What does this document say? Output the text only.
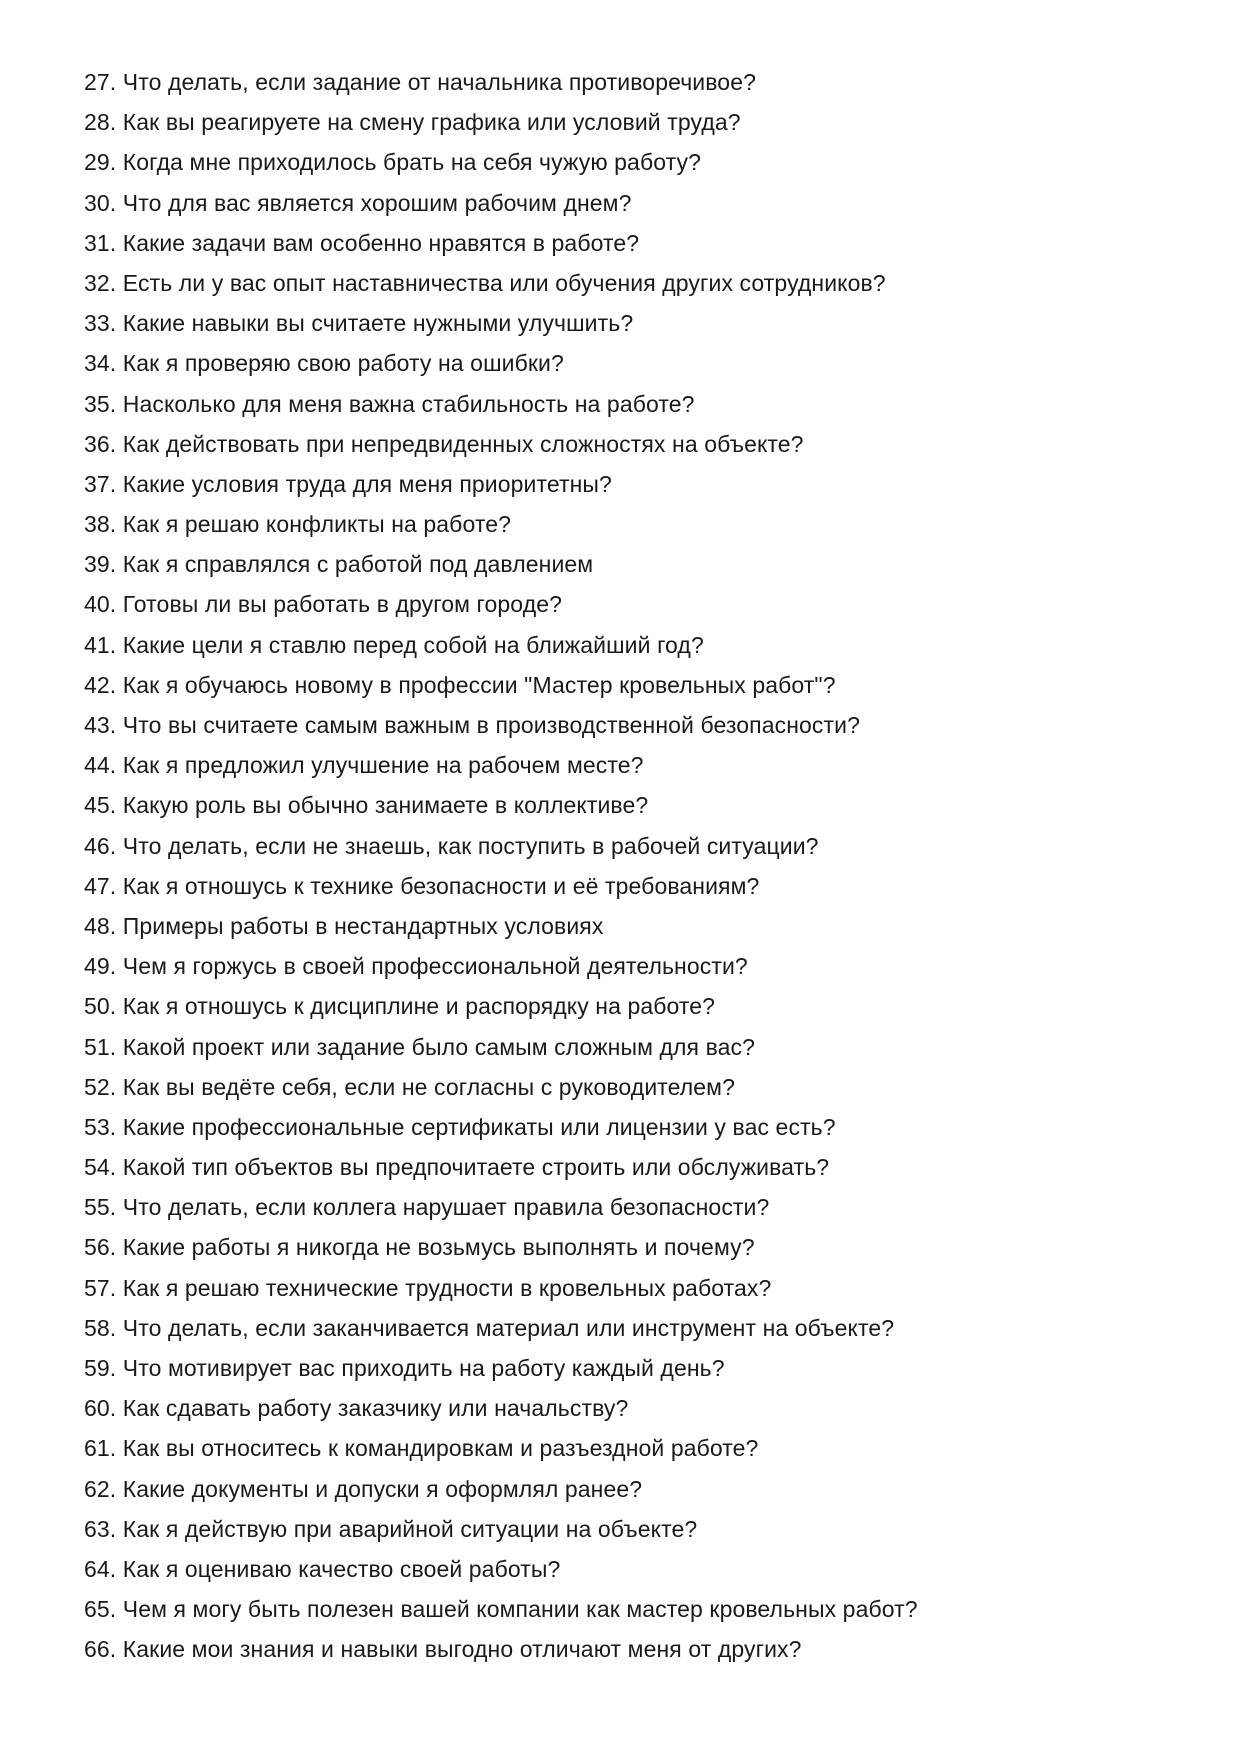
27. Что делать, если задание от начальника противоречивое?
28. Как вы реагируете на смену графика или условий труда?
29. Когда мне приходилось брать на себя чужую работу?
30. Что для вас является хорошим рабочим днем?
31. Какие задачи вам особенно нравятся в работе?
32. Есть ли у вас опыт наставничества или обучения других сотрудников?
33. Какие навыки вы считаете нужными улучшить?
34. Как я проверяю свою работу на ошибки?
35. Насколько для меня важна стабильность на работе?
36. Как действовать при непредвиденных сложностях на объекте?
37. Какие условия труда для меня приоритетны?
38. Как я решаю конфликты на работе?
39. Как я справлялся с работой под давлением
40. Готовы ли вы работать в другом городе?
41. Какие цели я ставлю перед собой на ближайший год?
42. Как я обучаюсь новому в профессии "Мастер кровельных работ"?
43. Что вы считаете самым важным в производственной безопасности?
44. Как я предложил улучшение на рабочем месте?
45. Какую роль вы обычно занимаете в коллективе?
46. Что делать, если не знаешь, как поступить в рабочей ситуации?
47. Как я отношусь к технике безопасности и её требованиям?
48. Примеры работы в нестандартных условиях
49. Чем я горжусь в своей профессиональной деятельности?
50. Как я отношусь к дисциплине и распорядку на работе?
51. Какой проект или задание было самым сложным для вас?
52. Как вы ведёте себя, если не согласны с руководителем?
53. Какие профессиональные сертификаты или лицензии у вас есть?
54. Какой тип объектов вы предпочитаете строить или обслуживать?
55. Что делать, если коллега нарушает правила безопасности?
56. Какие работы я никогда не возьмусь выполнять и почему?
57. Как я решаю технические трудности в кровельных работах?
58. Что делать, если заканчивается материал или инструмент на объекте?
59. Что мотивирует вас приходить на работу каждый день?
60. Как сдавать работу заказчику или начальству?
61. Как вы относитесь к командировкам и разъездной работе?
62. Какие документы и допуски я оформлял ранее?
63. Как я действую при аварийной ситуации на объекте?
64. Как я оцениваю качество своей работы?
65. Чем я могу быть полезен вашей компании как мастер кровельных работ?
66. Какие мои знания и навыки выгодно отличают меня от других?
